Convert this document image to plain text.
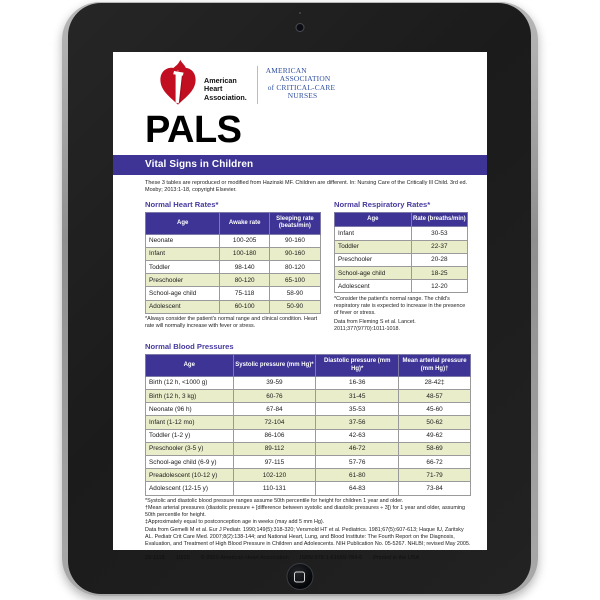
American
Heart
Association.
AMERICAN
ASSOCIATION
of CRITICAL-CARE
NURSES
PALS
Vital Signs in Children
These 3 tables are reproduced or modified from Hazinski MF. Children are different. In: Nursing Care of the Critically Ill Child. 3rd ed. Mosby; 2013:1-18, copyright Elsevier.
Normal Heart Rates*
Age	Awake rate	Sleeping rate (beats/min)
Neonate	100-205	90-160
Infant	100-180	90-160
Toddler	98-140	80-120
Preschooler	80-120	65-100
School-age child	75-118	58-90
Adolescent	60-100	50-90
*Always consider the patient's normal range and clinical condition. Heart rate will normally increase with fever or stress.
Normal Respiratory Rates*
Age	Rate (breaths/min)
Infant	30-53
Toddler	22-37
Preschooler	20-28
School-age child	18-25
Adolescent	12-20
*Consider the patient's normal range. The child's respiratory rate is expected to increase in the presence of fever or stress.
Data from Fleming S et al. Lancet. 2011;377(9770):1011-1018.
Normal Blood Pressures
Age	Systolic pressure (mm Hg)*	Diastolic pressure (mm Hg)*	Mean arterial pressure (mm Hg)†
Birth (12 h, <1000 g)	39-59	16-36	28-42‡
Birth (12 h, 3 kg)	60-76	31-45	48-57
Neonate (96 h)	67-84	35-53	45-60
Infant (1-12 mo)	72-104	37-56	50-62
Toddler (1-2 y)	86-106	42-63	49-62
Preschooler (3-5 y)	89-112	46-72	58-69
School-age child (6-9 y)	97-115	57-76	66-72
Preadolescent (10-12 y)	102-120	61-80	71-79
Adolescent (12-15 y)	110-131	64-83	73-84
*Systolic and diastolic blood pressure ranges assume 50th percentile for height for children 1 year and older.
†Mean arterial pressures (diastolic pressure + [difference between systolic and diastolic pressures ÷ 3]) for 1 year and older, assuming 50th percentile for height.
‡Approximately equal to postconception age in weeks (may add 5 mm Hg).
Data from Gemelli M et al. Eur J Pediatr. 1990;149(5):318-320; Versmold HT et al. Pediatrics. 1981;67(5):607-613; Haque IU, Zaritsky AL. Pediatr Crit Care Med. 2007;8(2):138-144; and National Heart, Lung, and Blood Institute: The Fourth Report on the Diagnosis, Evaluation, and Treatment of High Blood Pressure in Children and Adolescents. NIH Publication No. 05-5267. NHLBI; revised May 2005.
20-1118 10/20 © 2020 American Heart Association ISBN 978-1-61669-784-6 Printed in the USA
